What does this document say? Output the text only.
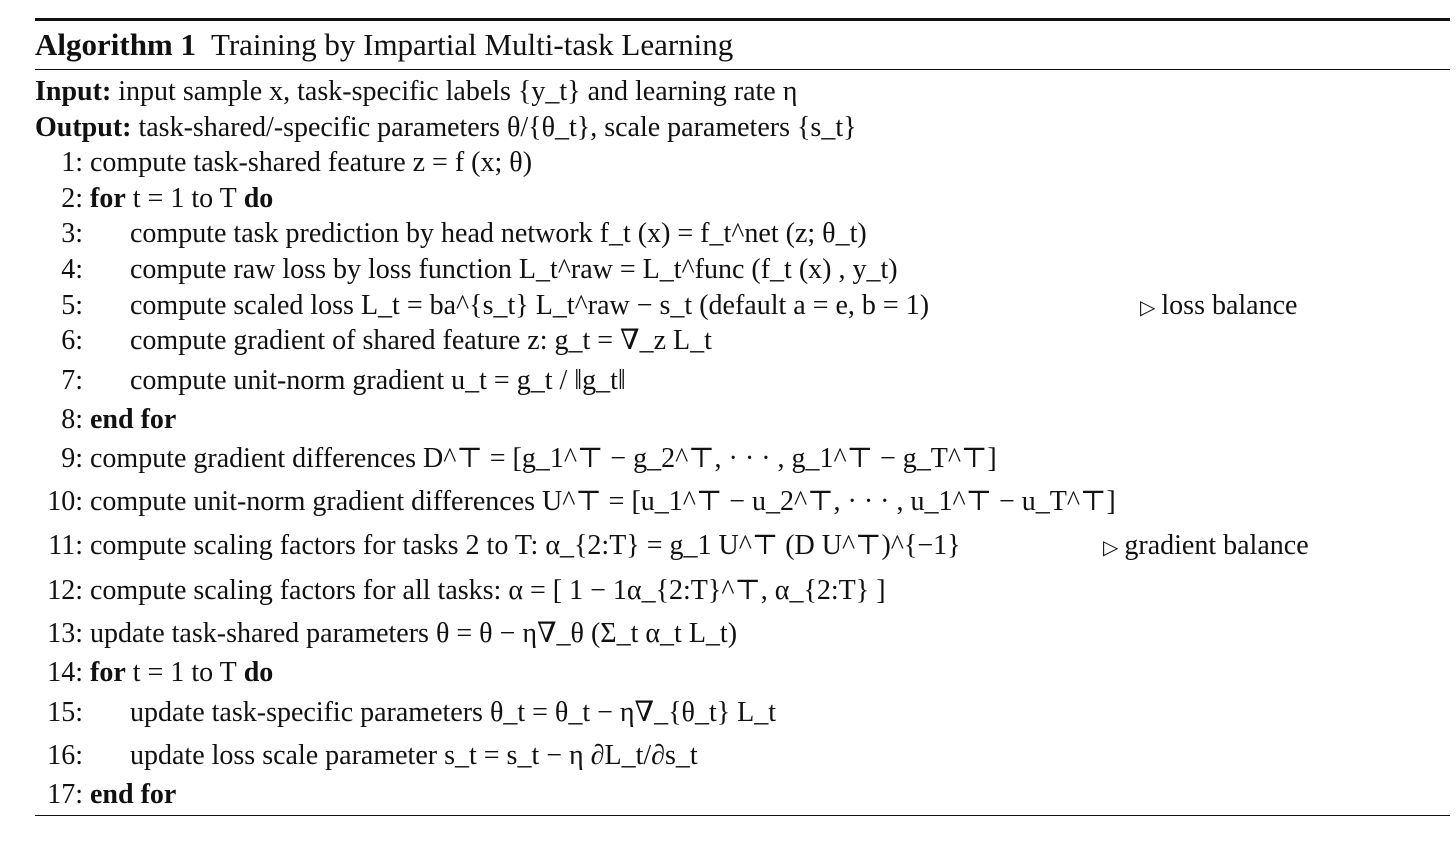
Algorithm 1 Training by Impartial Multi-task Learning
Input: input sample x, task-specific labels {y_t} and learning rate η
Output: task-shared/-specific parameters θ/{θ_t}, scale parameters {s_t}
1: compute task-shared feature z = f (x; θ)
2: for t = 1 to T do
3: compute task prediction by head network f_t (x) = f_t^net (z; θ_t)
4: compute raw loss by loss function L_t^raw = L_t^func (f_t (x) , y_t)
5: compute scaled loss L_t = ba^{s_t} L_t^raw − s_t (default a = e, b = 1)	▷ loss balance
6: compute gradient of shared feature z: g_t = ∇_z L_t
7: compute unit-norm gradient u_t = g_t / ‖g_t‖
8: end for
9: compute gradient differences D^⊤ = [g_1^⊤ − g_2^⊤, · · · , g_1^⊤ − g_T^⊤]
10: compute unit-norm gradient differences U^⊤ = [u_1^⊤ − u_2^⊤, · · · , u_1^⊤ − u_T^⊤]
11: compute scaling factors for tasks 2 to T: α_{2:T} = g_1 U^⊤ (D U^⊤)^{−1}	▷ gradient balance
12: compute scaling factors for all tasks: α = [ 1 − 1α_{2:T}^⊤, α_{2:T} ]
13: update task-shared parameters θ = θ − η∇_θ (Σ_t α_t L_t)
14: for t = 1 to T do
15: update task-specific parameters θ_t = θ_t − η∇_{θ_t} L_t
16: update loss scale parameter s_t = s_t − η ∂L_t/∂s_t
17: end for
